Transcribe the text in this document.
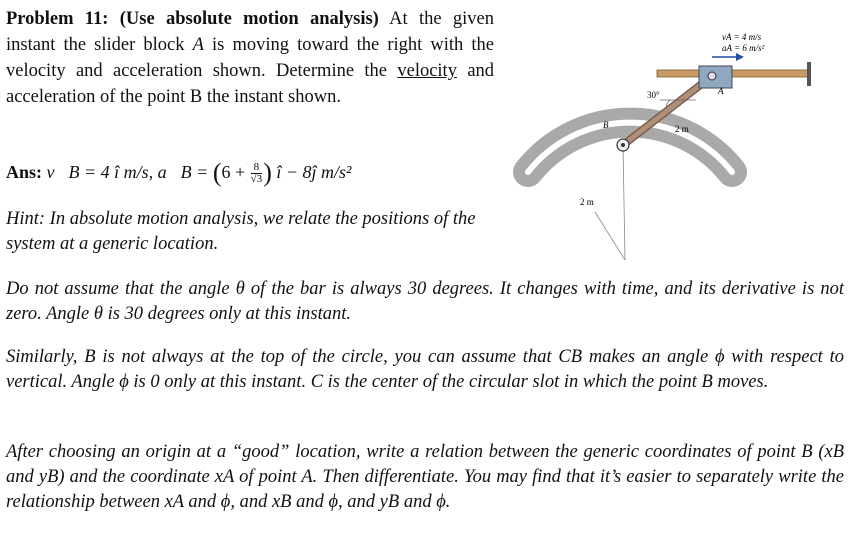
Problem 11: (Use absolute motion analysis) At the given instant the slider block A is moving toward the right with the velocity and acceleration shown. Determine the velocity and acceleration of the point B the instant shown.
Ans: v⃗B = 4 î m/s, a⃗B = ($6 + \frac{8}{√3}$ ) î − 8ĵ m/s²
Hint: In absolute motion analysis, we relate the positions of the system at a generic location.
Do not assume that the angle θ of the bar is always 30 degrees. It changes with time, and its derivative is not zero. Angle θ is 30 degrees only at this instant.
Similarly, B is not always at the top of the circle, you can assume that CB makes an angle ϕ with respect to vertical. Angle ϕ is 0 only at this instant. C is the center of the circular slot in which the point B moves.
After choosing an origin at a “good” location, write a relation between the generic coordinates of point B (xB and yB) and the coordinate xA of point A. Then differentiate. You may find that it’s easier to separately write the relationship between xA and ϕ, and xB and ϕ, and yB and ϕ.
vA = 4 m/s
aA = 6 m/s²
30°
2 m
2 m
A
B
